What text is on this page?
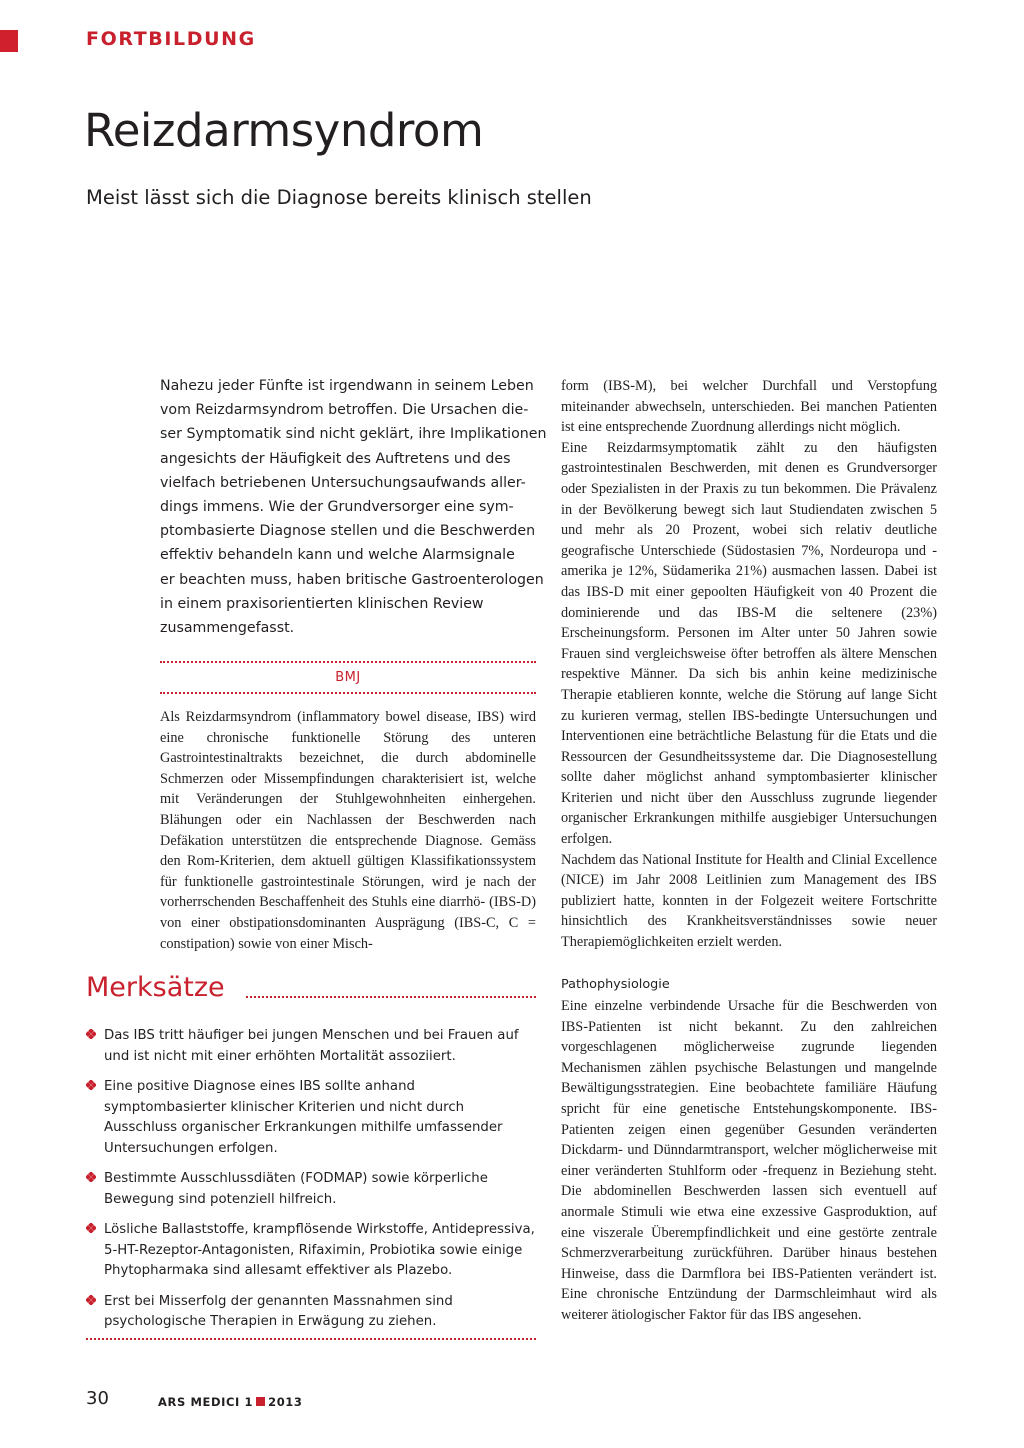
FORTBILDUNG
Reizdarmsyndrom
Meist lässt sich die Diagnose bereits klinisch stellen
Nahezu jeder Fünfte ist irgendwann in seinem Leben
vom Reizdarmsyndrom betroffen. Die Ursachen die-
ser Symptomatik sind nicht geklärt, ihre Implikationen
angesichts der Häufigkeit des Auftretens und des
vielfach betriebenen Untersuchungsaufwands aller-
dings immens. Wie der Grundversorger eine sym-
ptombasierte Diagnose stellen und die Beschwerden
effektiv behandeln kann und welche Alarmsignale
er beachten muss, haben britische Gastroenterologen
in einem praxisorientierten klinischen Review
zusammengefasst.
BMJ

Als Reizdarmsyndrom (inflammatory bowel disease, IBS) wird eine chronische funktionelle Störung des unteren Gastrointestinaltrakts bezeichnet, die durch abdominelle Schmerzen oder Missempfindungen charakterisiert ist, welche mit Veränderungen der Stuhlgewohnheiten einhergehen. Blähungen oder ein Nachlassen der Beschwerden nach Defäkation unterstützen die entsprechende Diagnose. Gemäss den Rom-Kriterien, dem aktuell gültigen Klassifikationssystem für funktionelle gastrointestinale Störungen, wird je nach der vorherrschenden Beschaffenheit des Stuhls eine diarrhö- (IBS-D) von einer obstipationsdominanten Ausprägung (IBS-C, C = constipation) sowie von einer Misch-

form (IBS-M), bei welcher Durchfall und Verstopfung miteinander abwechseln, unterschieden. Bei manchen Patienten ist eine entsprechende Zuordnung allerdings nicht möglich.

Eine Reizdarmsymptomatik zählt zu den häufigsten gastrointestinalen Beschwerden, mit denen es Grundversorger oder Spezialisten in der Praxis zu tun bekommen. Die Prävalenz in der Bevölkerung bewegt sich laut Studiendaten zwischen 5 und mehr als 20 Prozent, wobei sich relativ deutliche geografische Unterschiede (Südostasien 7%, Nordeuropa und -amerika je 12%, Südamerika 21%) ausmachen lassen. Dabei ist das IBS-D mit einer gepoolten Häufigkeit von 40 Prozent die dominierende und das IBS-M die seltenere (23%) Erscheinungsform. Personen im Alter unter 50 Jahren sowie Frauen sind vergleichsweise öfter betroffen als ältere Menschen respektive Männer. Da sich bis anhin keine medizinische Therapie etablieren konnte, welche die Störung auf lange Sicht zu kurieren vermag, stellen IBS-bedingte Untersuchungen und Interventionen eine beträchtliche Belastung für die Etats und die Ressourcen der Gesundheitssysteme dar. Die Diagnosestellung sollte daher möglichst anhand symptombasierter klinischer Kriterien und nicht über den Ausschluss zugrunde liegender organischer Erkrankungen mithilfe ausgiebiger Untersuchungen erfolgen.

Nachdem das National Institute for Health and Clinial Excellence (NICE) im Jahr 2008 Leitlinien zum Management des IBS publiziert hatte, konnten in der Folgezeit weitere Fortschritte hinsichtlich des Krankheitsverständnisses sowie neuer Therapiemöglichkeiten erzielt werden.

Pathophysiologie

Eine einzelne verbindende Ursache für die Beschwerden von IBS-Patienten ist nicht bekannt. Zu den zahlreichen vorgeschlagenen möglicherweise zugrunde liegenden Mechanismen zählen psychische Belastungen und mangelnde Bewältigungsstrategien. Eine beobachtete familiäre Häufung spricht für eine genetische Entstehungskomponente. IBS-Patienten zeigen einen gegenüber Gesunden veränderten Dickdarm- und Dünndarmtransport, welcher möglicherweise mit einer veränderten Stuhlform oder -frequenz in Beziehung steht. Die abdominellen Beschwerden lassen sich eventuell auf anormale Stimuli wie etwa eine exzessive Gasproduktion, auf eine viszerale Überempfindlichkeit und eine gestörte zentrale Schmerzverarbeitung zurückführen. Darüber hinaus bestehen Hinweise, dass die Darmflora bei IBS-Patienten verändert ist. Eine chronische Entzündung der Darmschleimhaut wird als weiterer ätiologischer Faktor für das IBS angesehen.

Merksätze
Das IBS tritt häufiger bei jungen Menschen und bei Frauen auf und ist nicht mit einer erhöhten Mortalität assoziiert.
Eine positive Diagnose eines IBS sollte anhand symptombasierter klinischer Kriterien und nicht durch Ausschluss organischer Erkrankungen mithilfe umfassender Untersuchungen erfolgen.
Bestimmte Ausschlussdiäten (FODMAP) sowie körperliche Bewegung sind potenziell hilfreich.
Lösliche Ballaststoffe, krampflösende Wirkstoffe, Antidepressiva, 5-HT-Rezeptor-Antagonisten, Rifaximin, Probiotika sowie einige Phytopharmaka sind allesamt effektiver als Plazebo.
Erst bei Misserfolg der genannten Massnahmen sind psychologische Therapien in Erwägung zu ziehen.
30	ARS MEDICI 1 2013
